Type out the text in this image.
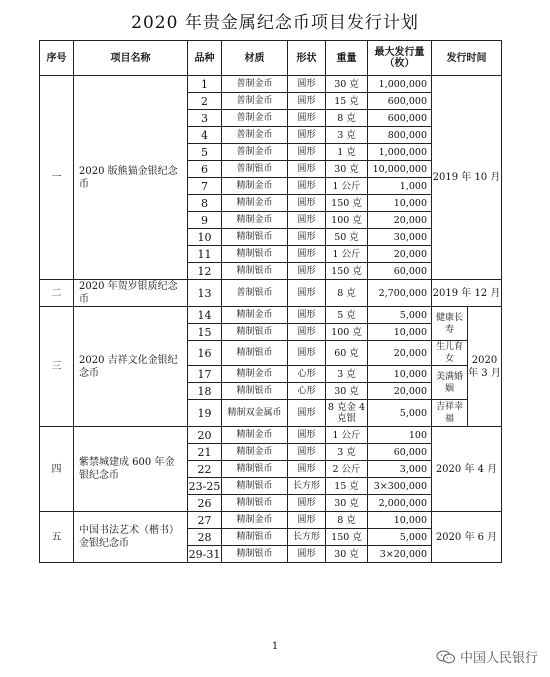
2020 年贵金属纪念币项目发行计划
序号	项目名称	品种	材质	形状	重量	最大发行量（枚）	发行时间	
一	2020 版熊猫金银纪念币	1	普制金币	圆形	30 克	1,000,000	2019 年 10 月	
		2	普制金币	圆形	15 克	600,000		
		3	普制金币	圆形	8 克	600,000		
		4	普制金币	圆形	3 克	800,000		
		5	普制金币	圆形	1 克	1,000,000		
		6	普制银币	圆形	30 克	10,000,000		
		7	精制金币	圆形	1 公斤	1,000		
		8	精制金币	圆形	150 克	10,000		
		9	精制金币	圆形	100 克	20,000		
		10	精制银币	圆形	50 克	30,000		
		11	精制银币	圆形	1 公斤	20,000		
		12	精制银币	圆形	150 克	60,000		
二	2020 年贺岁银质纪念币	13	普制银币	圆形	8 克	2,700,000	2019 年 12 月	
三	2020 吉祥文化金银纪念币	14	精制金币	圆形	5 克	5,000	健康长寿	2020 年 3 月
		15	精制银币	圆形	100 克	10,000		
		16	精制银币	圆形	60 克	20,000	生儿育女	
		17	精制金币	心形	3 克	10,000	美满婚姻	
		18	精制银币	心形	30 克	20,000		
		19	精制双金属币	圆形	8 克金 4 克银	5,000	吉祥幸福	
四	紫禁城建成 600 年金银纪念币	20	精制金币	圆形	1 公斤	100	2020 年 4 月	
		21	精制金币	圆形	3 克	60,000		
		22	精制银币	圆形	2 公斤	3,000		
		23-25	精制银币	长方形	15 克	3×300,000		
		26	精制银币	圆形	30 克	2,000,000		
五	中国书法艺术（楷书）金银纪念币	27	精制金币	圆形	8 克	10,000	2020 年 6 月	
		28	精制银币	长方形	150 克	5,000		
		29-31	精制银币	圆形	30 克	3×20,000		
1
中国人民银行
